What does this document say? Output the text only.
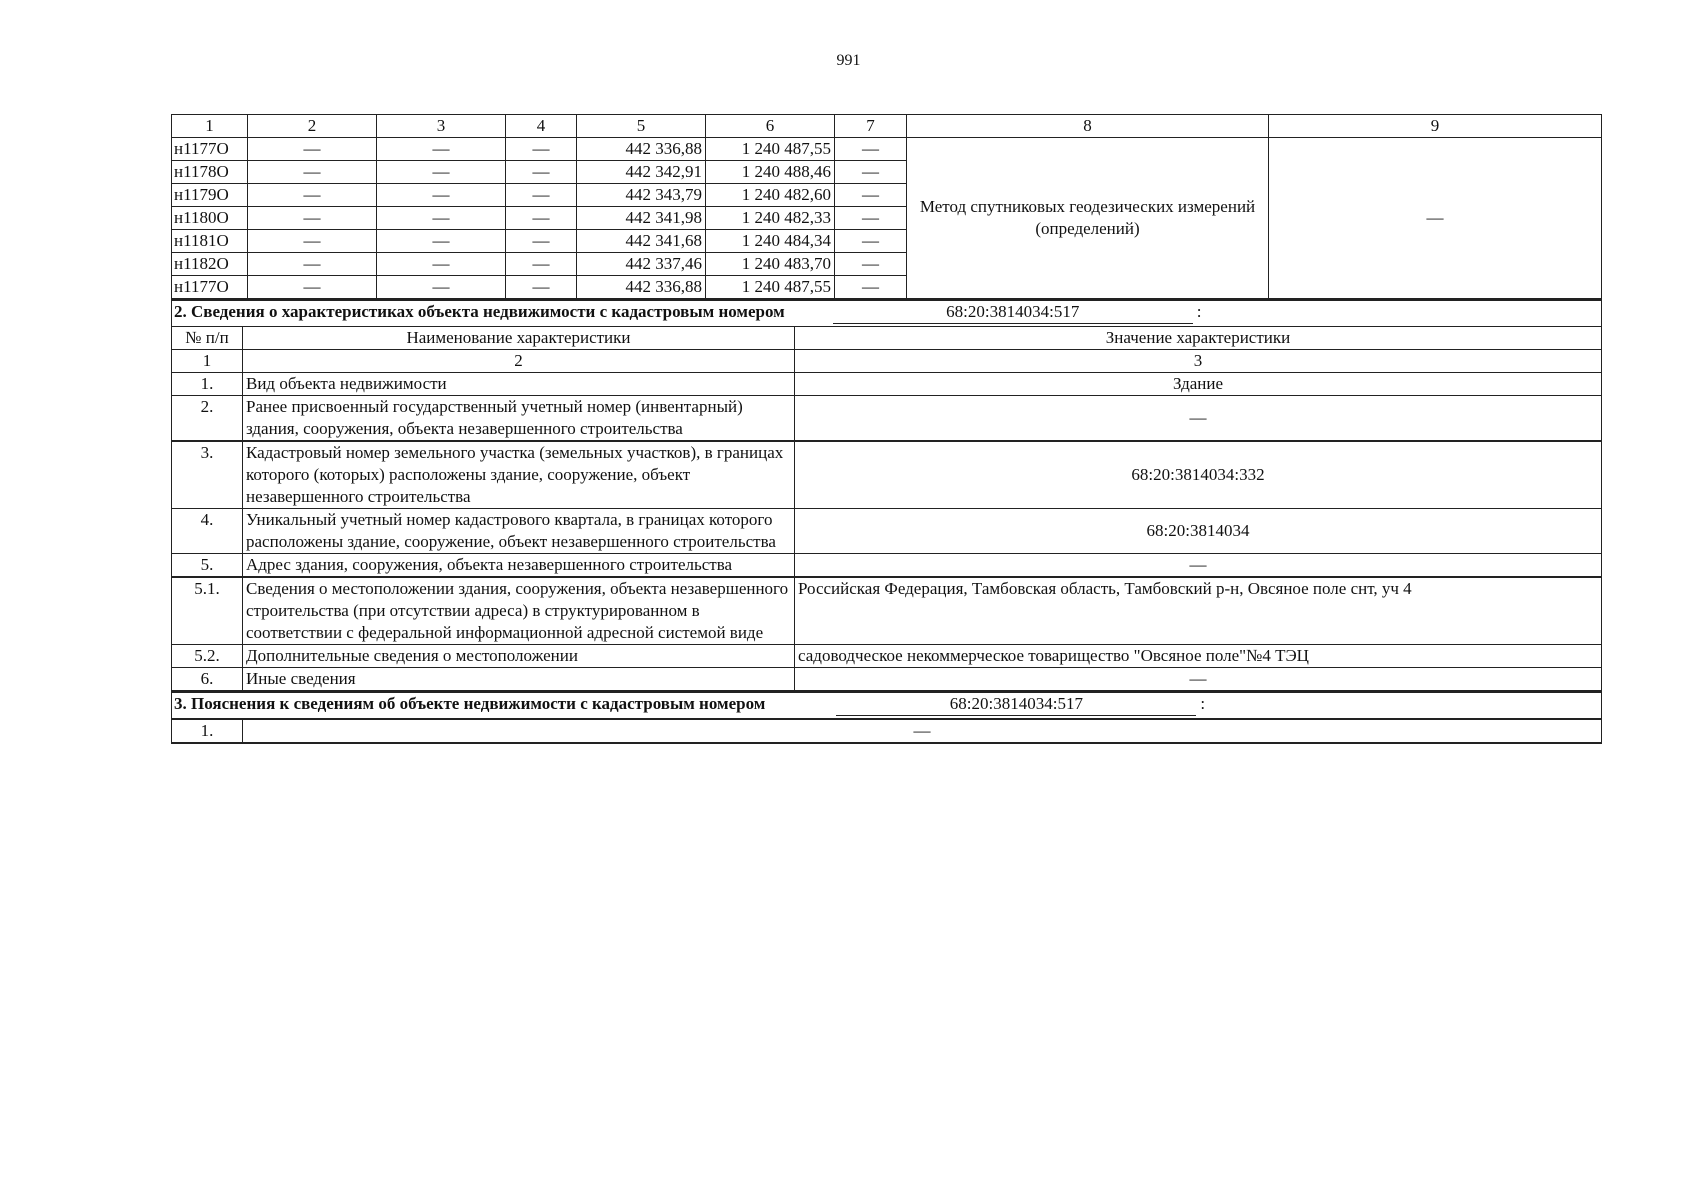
991
1	2	3	4	5	6	7	8	9
н1177О	—	—	—	442 336,88	1 240 487,55	—	Метод спутниковых геодезических измерений (определений)	—
н1178О	—	—	—	442 342,91	1 240 488,46	—		
н1179О	—	—	—	442 343,79	1 240 482,60	—		
н1180О	—	—	—	442 341,98	1 240 482,33	—		
н1181О	—	—	—	442 341,68	1 240 484,34	—		
н1182О	—	—	—	442 337,46	1 240 483,70	—		
н1177О	—	—	—	442 336,88	1 240 487,55	—		
2. Сведения о характеристиках объекта недвижимости с кадастровым номером 68:20:3814034:517 :		
№ п/п	Наименование характеристики	Значение характеристики
1	2	3
1.	Вид объекта недвижимости	Здание
2.	Ранее присвоенный государственный учетный номер (инвентарный) здания, сооружения, объекта незавершенного строительства	—
3.	Кадастровый номер земельного участка (земельных участков), в границах которого (которых) расположены здание, сооружение, объект незавершенного строительства	68:20:3814034:332
4.	Уникальный учетный номер кадастрового квартала, в границах которого расположены здание, сооружение, объект незавершенного строительства	68:20:3814034
5.	Адрес здания, сооружения, объекта незавершенного строительства	—
5.1.	Сведения о местоположении здания, сооружения, объекта незавершенного строительства (при отсутствии адреса) в структурированном в соответствии с федеральной информационной адресной системой виде	Российская Федерация, Тамбовская область, Тамбовский р-н, Овсяное поле снт, уч 4
5.2.	Дополнительные сведения о местоположении	садоводческое некоммерческое товарищество "Овсяное поле"№4 ТЭЦ
6.	Иные сведения	—
3. Пояснения к сведениям об объекте недвижимости с кадастровым номером	68:20:3814034:517	:
1.	—
